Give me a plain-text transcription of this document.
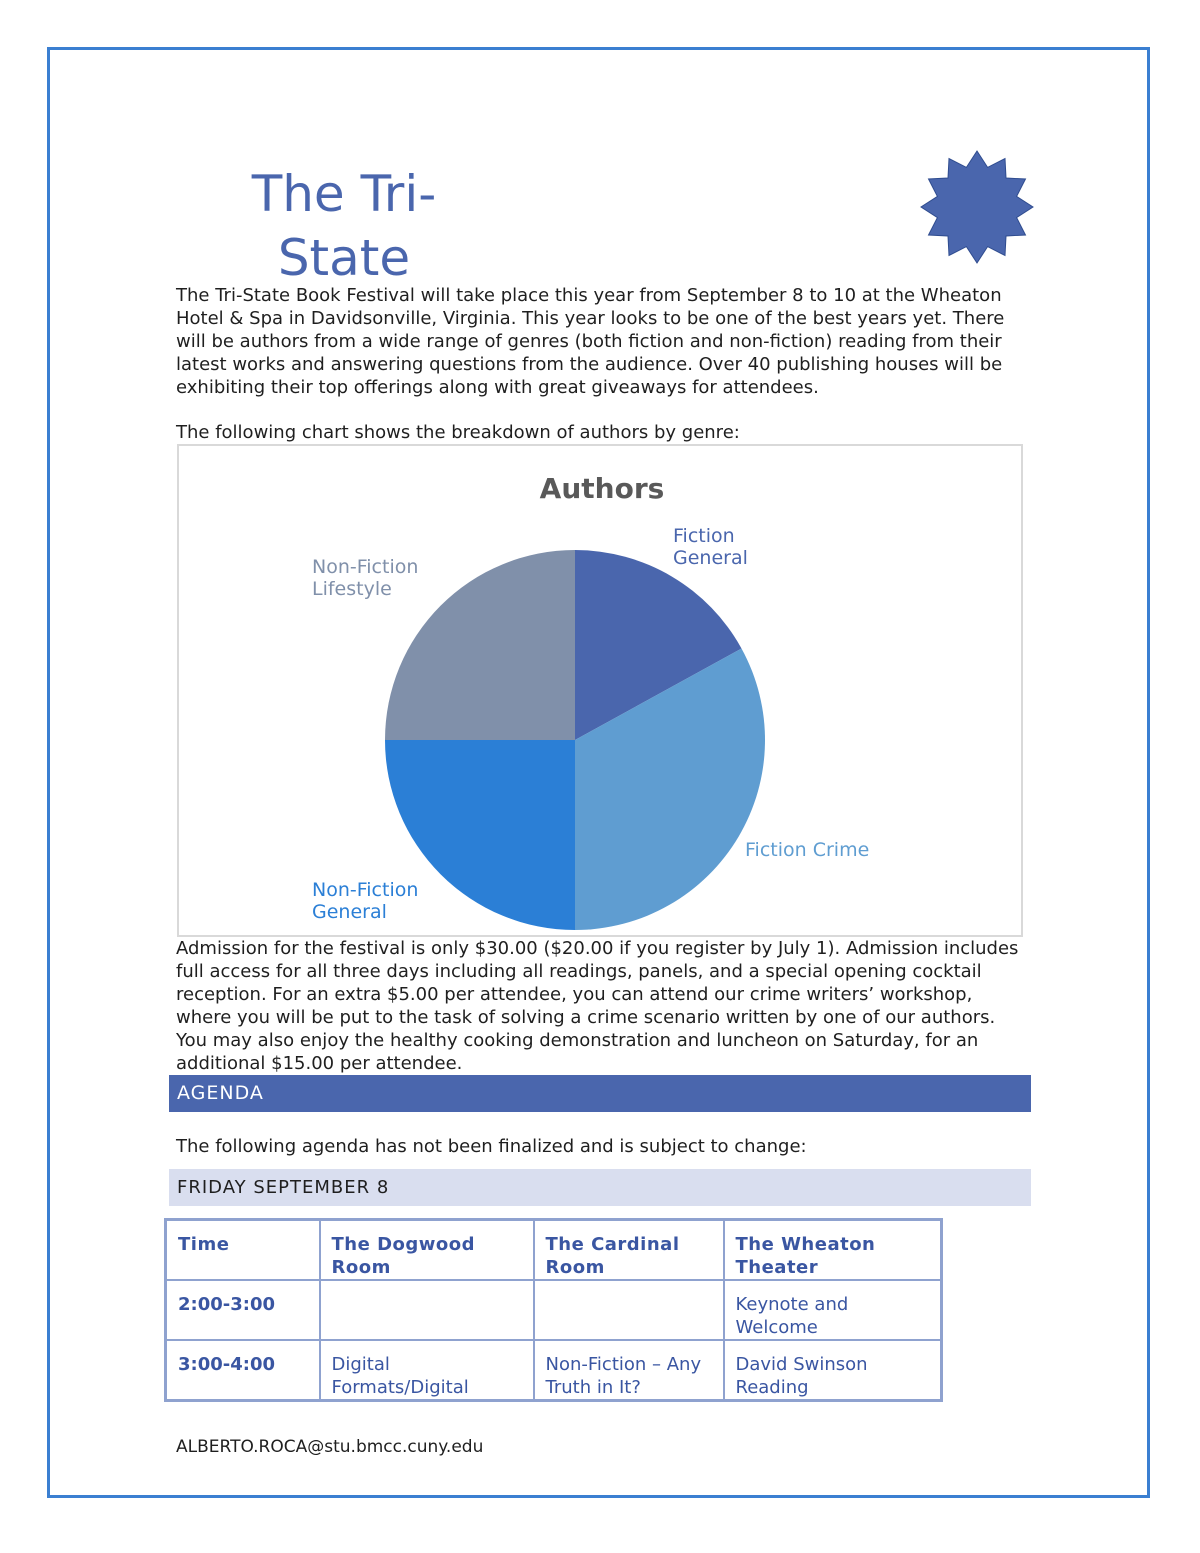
The Tri-
State
The Tri-State Book Festival will take place this year from September 8 to 10 at the Wheaton Hotel & Spa in Davidsonville, Virginia. This year looks to be one of the best years yet. There will be authors from a wide range of genres (both fiction and non-fiction) reading from their latest works and answering questions from the audience. Over 40 publishing houses will be exhibiting their top offerings along with great giveaways for attendees.
The following chart shows the breakdown of authors by genre:
Authors
Fiction General
Fiction Crime
Non-Fiction General
Non-Fiction Lifestyle
Admission for the festival is only $30.00 ($20.00 if you register by July 1). Admission includes full access for all three days including all readings, panels, and a special opening cocktail reception. For an extra $5.00 per attendee, you can attend our crime writers’ workshop, where you will be put to the task of solving a crime scenario written by one of our authors. You may also enjoy the healthy cooking demonstration and luncheon on Saturday, for an additional $15.00 per attendee.
AGENDA
The following agenda has not been finalized and is subject to change:
FRIDAY SEPTEMBER 8
Time	The Dogwood Room	The Cardinal Room	The Wheaton Theater
2:00-3:00			Keynote and Welcome
3:00-4:00	Digital Formats/Digital	Non-Fiction – Any Truth in It?	David Swinson Reading
ALBERTO.ROCA@stu.bmcc.cuny.edu
